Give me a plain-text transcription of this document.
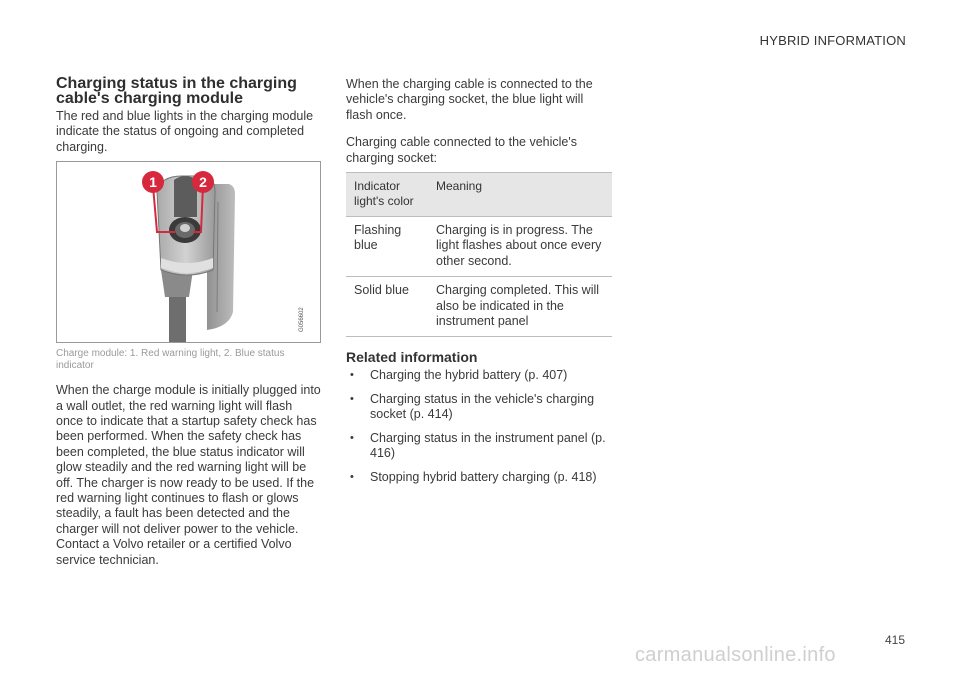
HYBRID INFORMATION
Charging status in the charging cable's charging module

The red and blue lights in the charging module indicate the status of ongoing and completed charging.

1	2
G056602
Charge module: 1. Red warning light, 2. Blue status indicator

When the charge module is initially plugged into a wall outlet, the red warning light will flash once to indicate that a startup safety check has been performed. When the safety check has been completed, the blue status indicator will glow steadily and the red warning light will be off. The charger is now ready to be used. If the red warning light continues to flash or glows steadily, a fault has been detected and the charger will not deliver power to the vehicle. Contact a Volvo retailer or a certified Volvo service technician.

When the charging cable is connected to the vehicle's charging socket, the blue light will flash once.

Charging cable connected to the vehicle's charging socket:

Indicator light's color	Meaning
Flashing blue	Charging is in progress. The light flashes about once every other second.
Solid blue	Charging completed. This will also be indicated in the instrument panel
Related information
• Charging the hybrid battery (p. 407)
• Charging status in the vehicle's charging socket (p. 414)
• Charging status in the instrument panel (p. 416)
• Stopping hybrid battery charging (p. 418)
415
carmanualsonline.info
